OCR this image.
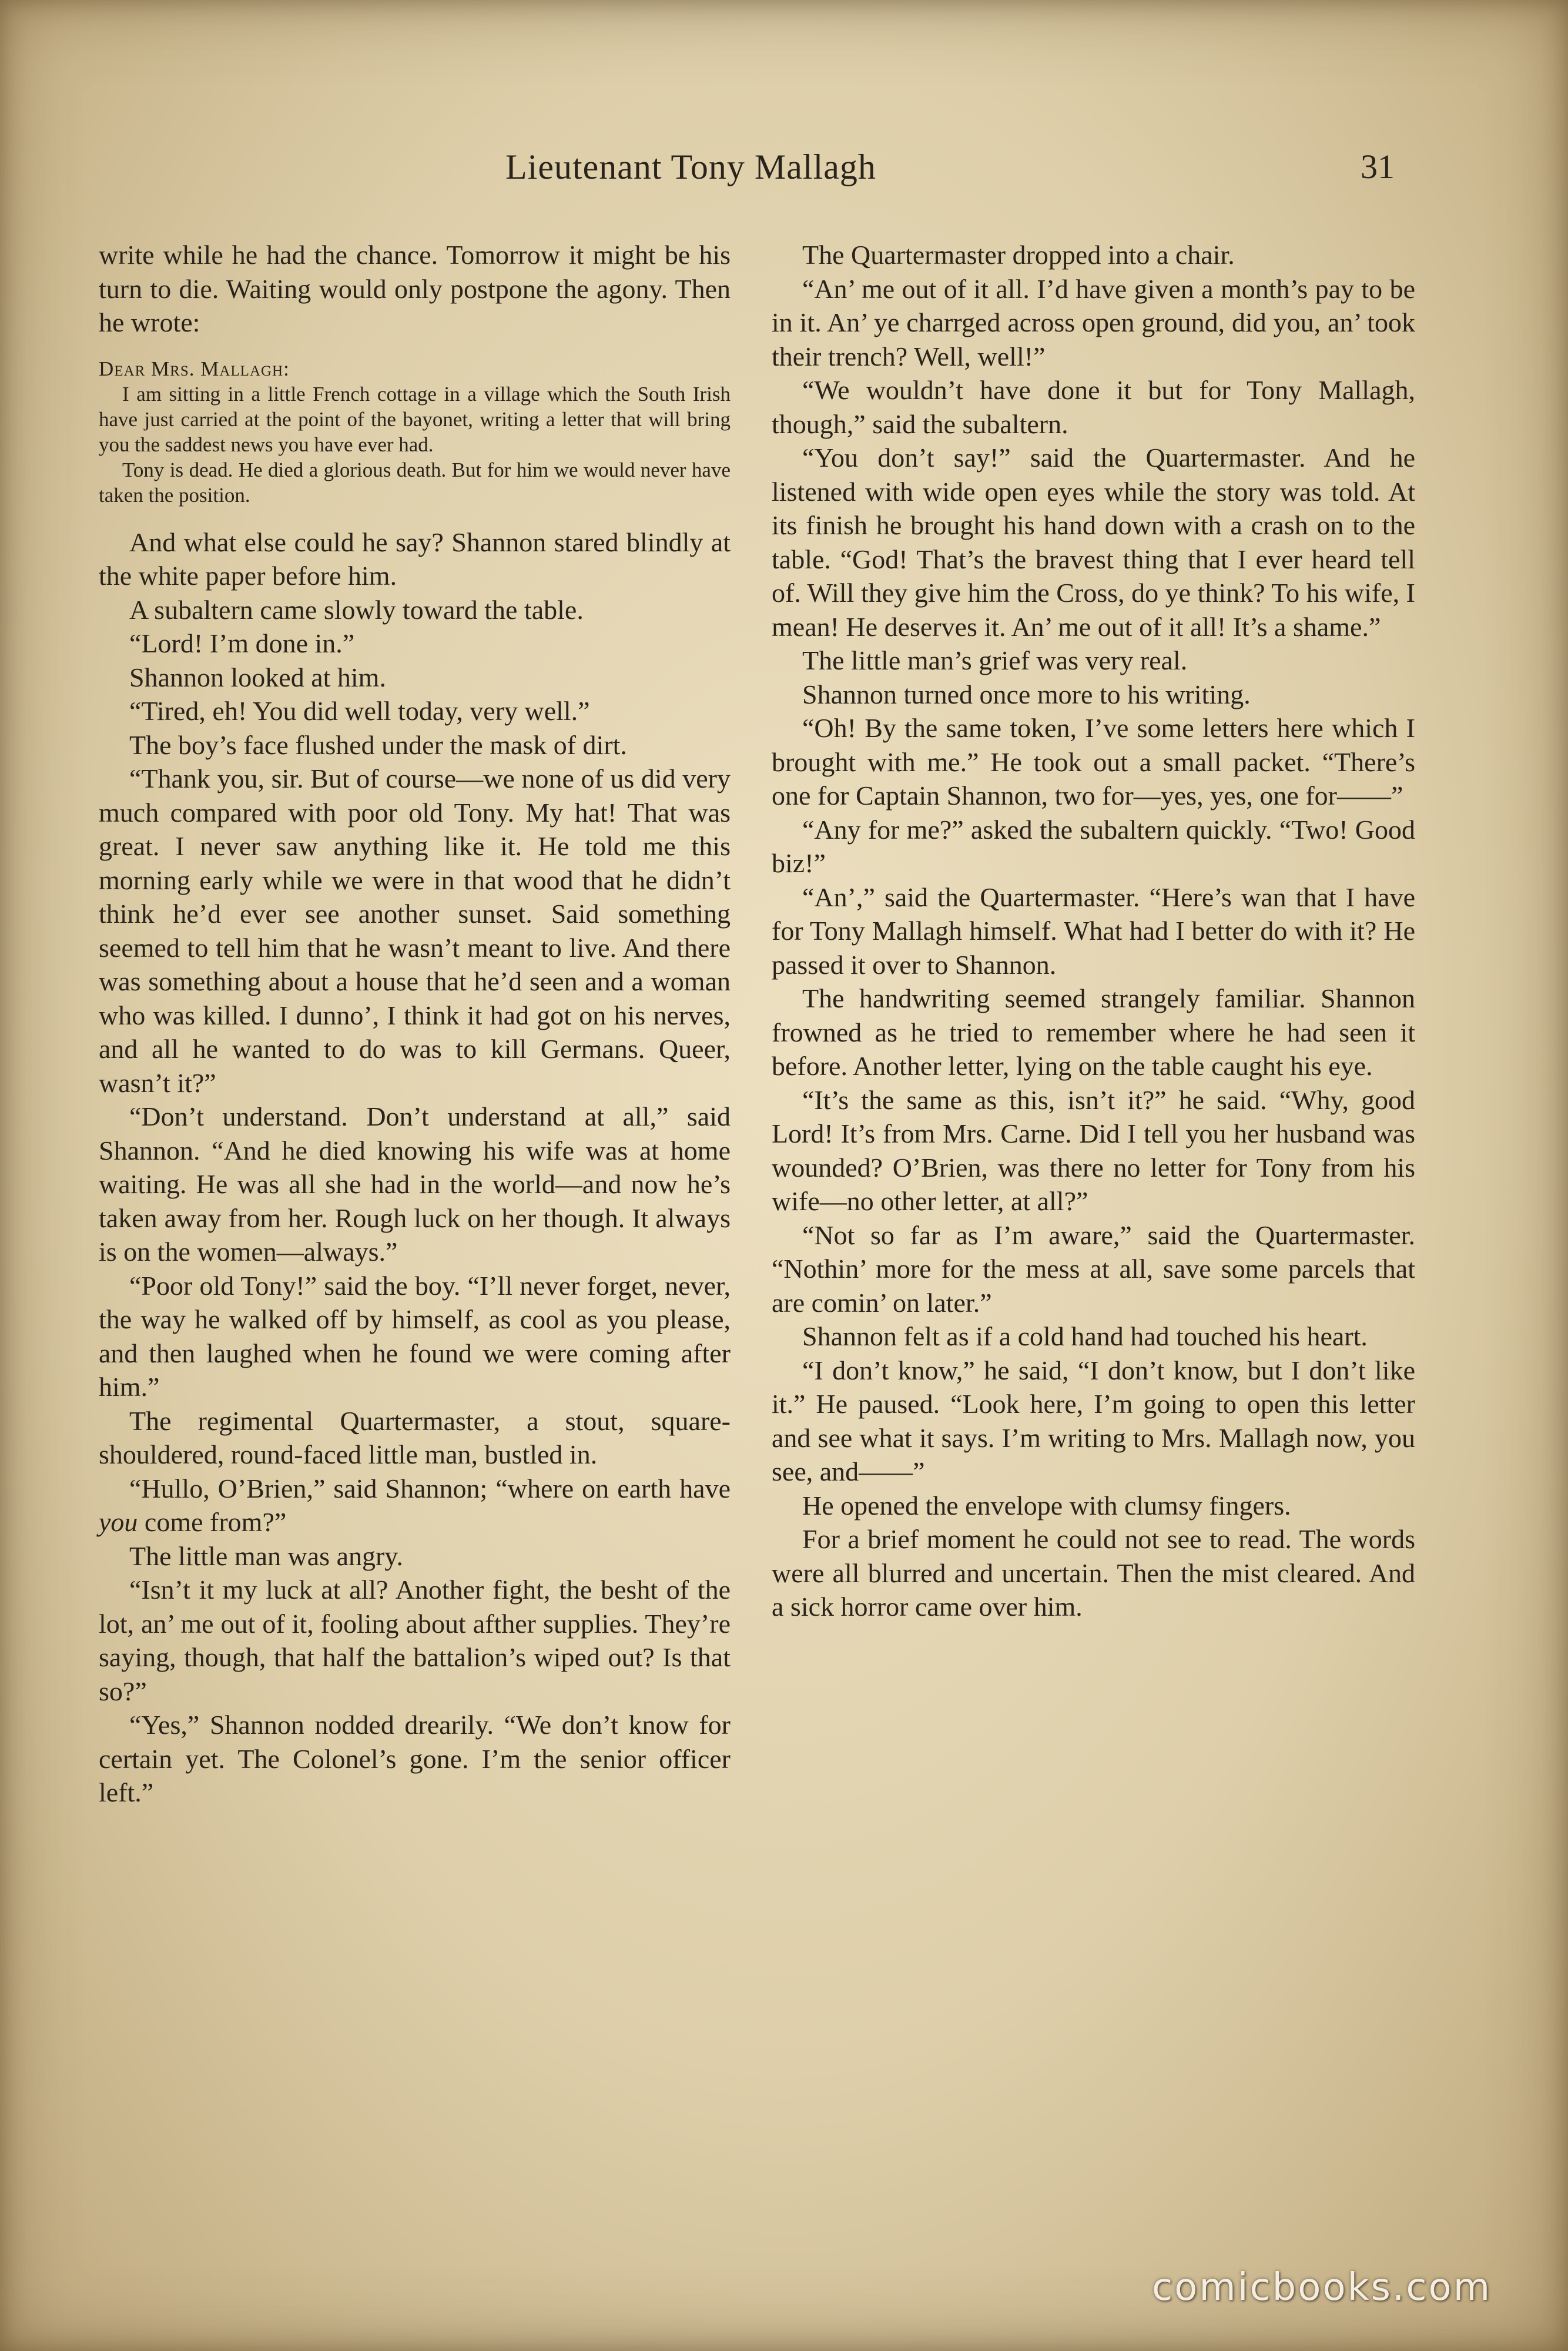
Lieutenant Tony Mallagh	31

write while he had the chance. Tomorrow it might be his turn to die. Waiting would only postpone the agony. Then he wrote:

Dear Mrs. Mallagh:

I am sitting in a little French cottage in a village which the South Irish have just carried at the point of the bayonet, writing a letter that will bring you the saddest news you have ever had.

Tony is dead. He died a glorious death. But for him we would never have taken the position.

And what else could he say? Shannon stared blindly at the white paper before him.

A subaltern came slowly toward the table.

“Lord! I’m done in.”

Shannon looked at him.

“Tired, eh! You did well today, very well.”

The boy’s face flushed under the mask of dirt.

“Thank you, sir. But of course—we none of us did very much compared with poor old Tony. My hat! That was great. I never saw anything like it. He told me this morning early while we were in that wood that he didn’t think he’d ever see another sunset. Said something seemed to tell him that he wasn’t meant to live. And there was something about a house that he’d seen and a woman who was killed. I dunno’, I think it had got on his nerves, and all he wanted to do was to kill Germans. Queer, wasn’t it?”

“Don’t understand. Don’t understand at all,” said Shannon. “And he died knowing his wife was at home waiting. He was all she had in the world—and now he’s taken away from her. Rough luck on her though. It always is on the women—always.”

“Poor old Tony!” said the boy. “I’ll never forget, never, the way he walked off by himself, as cool as you please, and then laughed when he found we were coming after him.”

The regimental Quartermaster, a stout, square-shouldered, round-faced little man, bustled in.

“Hullo, O’Brien,” said Shannon; “where on earth have you come from?”

The little man was angry.

“Isn’t it my luck at all? Another fight, the besht of the lot, an’ me out of it, fooling about afther supplies. They’re saying, though, that half the battalion’s wiped out? Is that so?”

“Yes,” Shannon nodded drearily. “We don’t know for certain yet. The Colonel’s gone. I’m the senior officer left.”

The Quartermaster dropped into a chair.

“An’ me out of it all. I’d have given a month’s pay to be in it. An’ ye charrged across open ground, did you, an’ took their trench? Well, well!”

“We wouldn’t have done it but for Tony Mallagh, though,” said the subaltern.

“You don’t say!” said the Quartermaster. And he listened with wide open eyes while the story was told. At its finish he brought his hand down with a crash on to the table. “God! That’s the bravest thing that I ever heard tell of. Will they give him the Cross, do ye think? To his wife, I mean! He deserves it. An’ me out of it all! It’s a shame.”

The little man’s grief was very real.

Shannon turned once more to his writing.

“Oh! By the same token, I’ve some letters here which I brought with me.” He took out a small packet. “There’s one for Captain Shannon, two for—yes, yes, one for——”

“Any for me?” asked the subaltern quickly. “Two! Good biz!”

“An’,” said the Quartermaster. “Here’s wan that I have for Tony Mallagh himself. What had I better do with it? He passed it over to Shannon.

The handwriting seemed strangely familiar. Shannon frowned as he tried to remember where he had seen it before. Another letter, lying on the table caught his eye.

“It’s the same as this, isn’t it?” he said. “Why, good Lord! It’s from Mrs. Carne. Did I tell you her husband was wounded? O’Brien, was there no letter for Tony from his wife—no other letter, at all?”

“Not so far as I’m aware,” said the Quartermaster. “Nothin’ more for the mess at all, save some parcels that are comin’ on later.”

Shannon felt as if a cold hand had touched his heart.

“I don’t know,” he said, “I don’t know, but I don’t like it.” He paused. “Look here, I’m going to open this letter and see what it says. I’m writing to Mrs. Mallagh now, you see, and——”

He opened the envelope with clumsy fingers.

For a brief moment he could not see to read. The words were all blurred and uncertain. Then the mist cleared. And a sick horror came over him.

comicbooks.com
